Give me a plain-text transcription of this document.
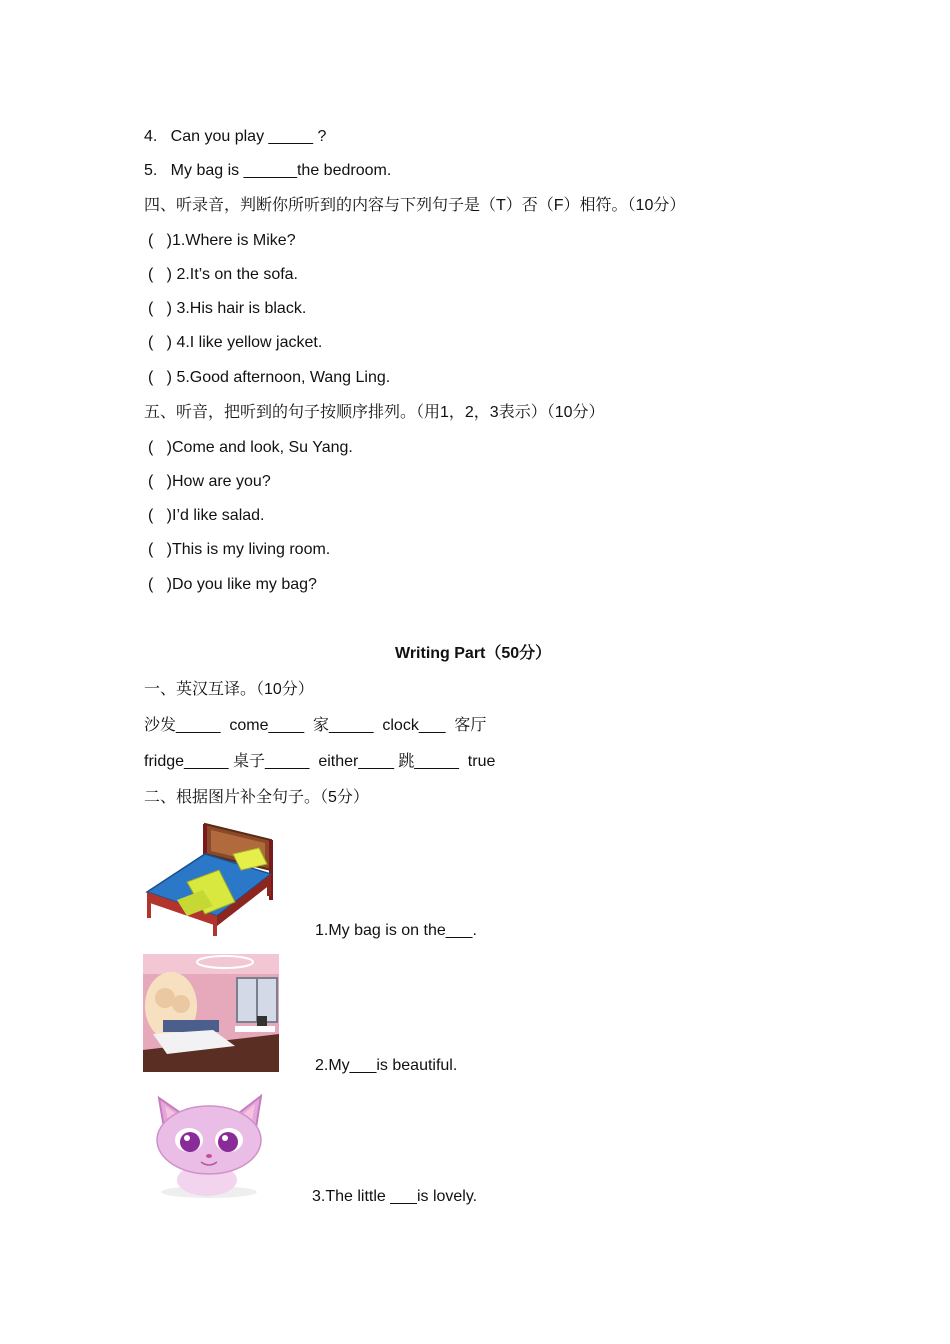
4.   Can you play _____ ?
5.   My bag is ______the bedroom.
四、听录音，判断你所听到的内容与下列句子是（T）否（F）相符。（10分）
(   )1.Where is Mike?
(   ) 2.It’s on the sofa.
(   ) 3.His hair is black.
(   ) 4.I like yellow jacket.
(   ) 5.Good afternoon, Wang Ling.
五、听音，把听到的句子按顺序排列。（用1，2，3表示）（10分）
(   )Come and look, Su Yang.
(   )How are you?
(   )I’d like salad.
(   )This is my living room.
(   )Do you like my bag?
Writing Part（50分）
一、英汉互译。（10分）
沙发_____  come____  家_____  clock___  客厅
fridge_____ 桌子_____  either____ 跳_____  true
二、根据图片补全句子。（5分）
1.My bag is on the___.
2.My___is beautiful.
3.The little ___is lovely.
